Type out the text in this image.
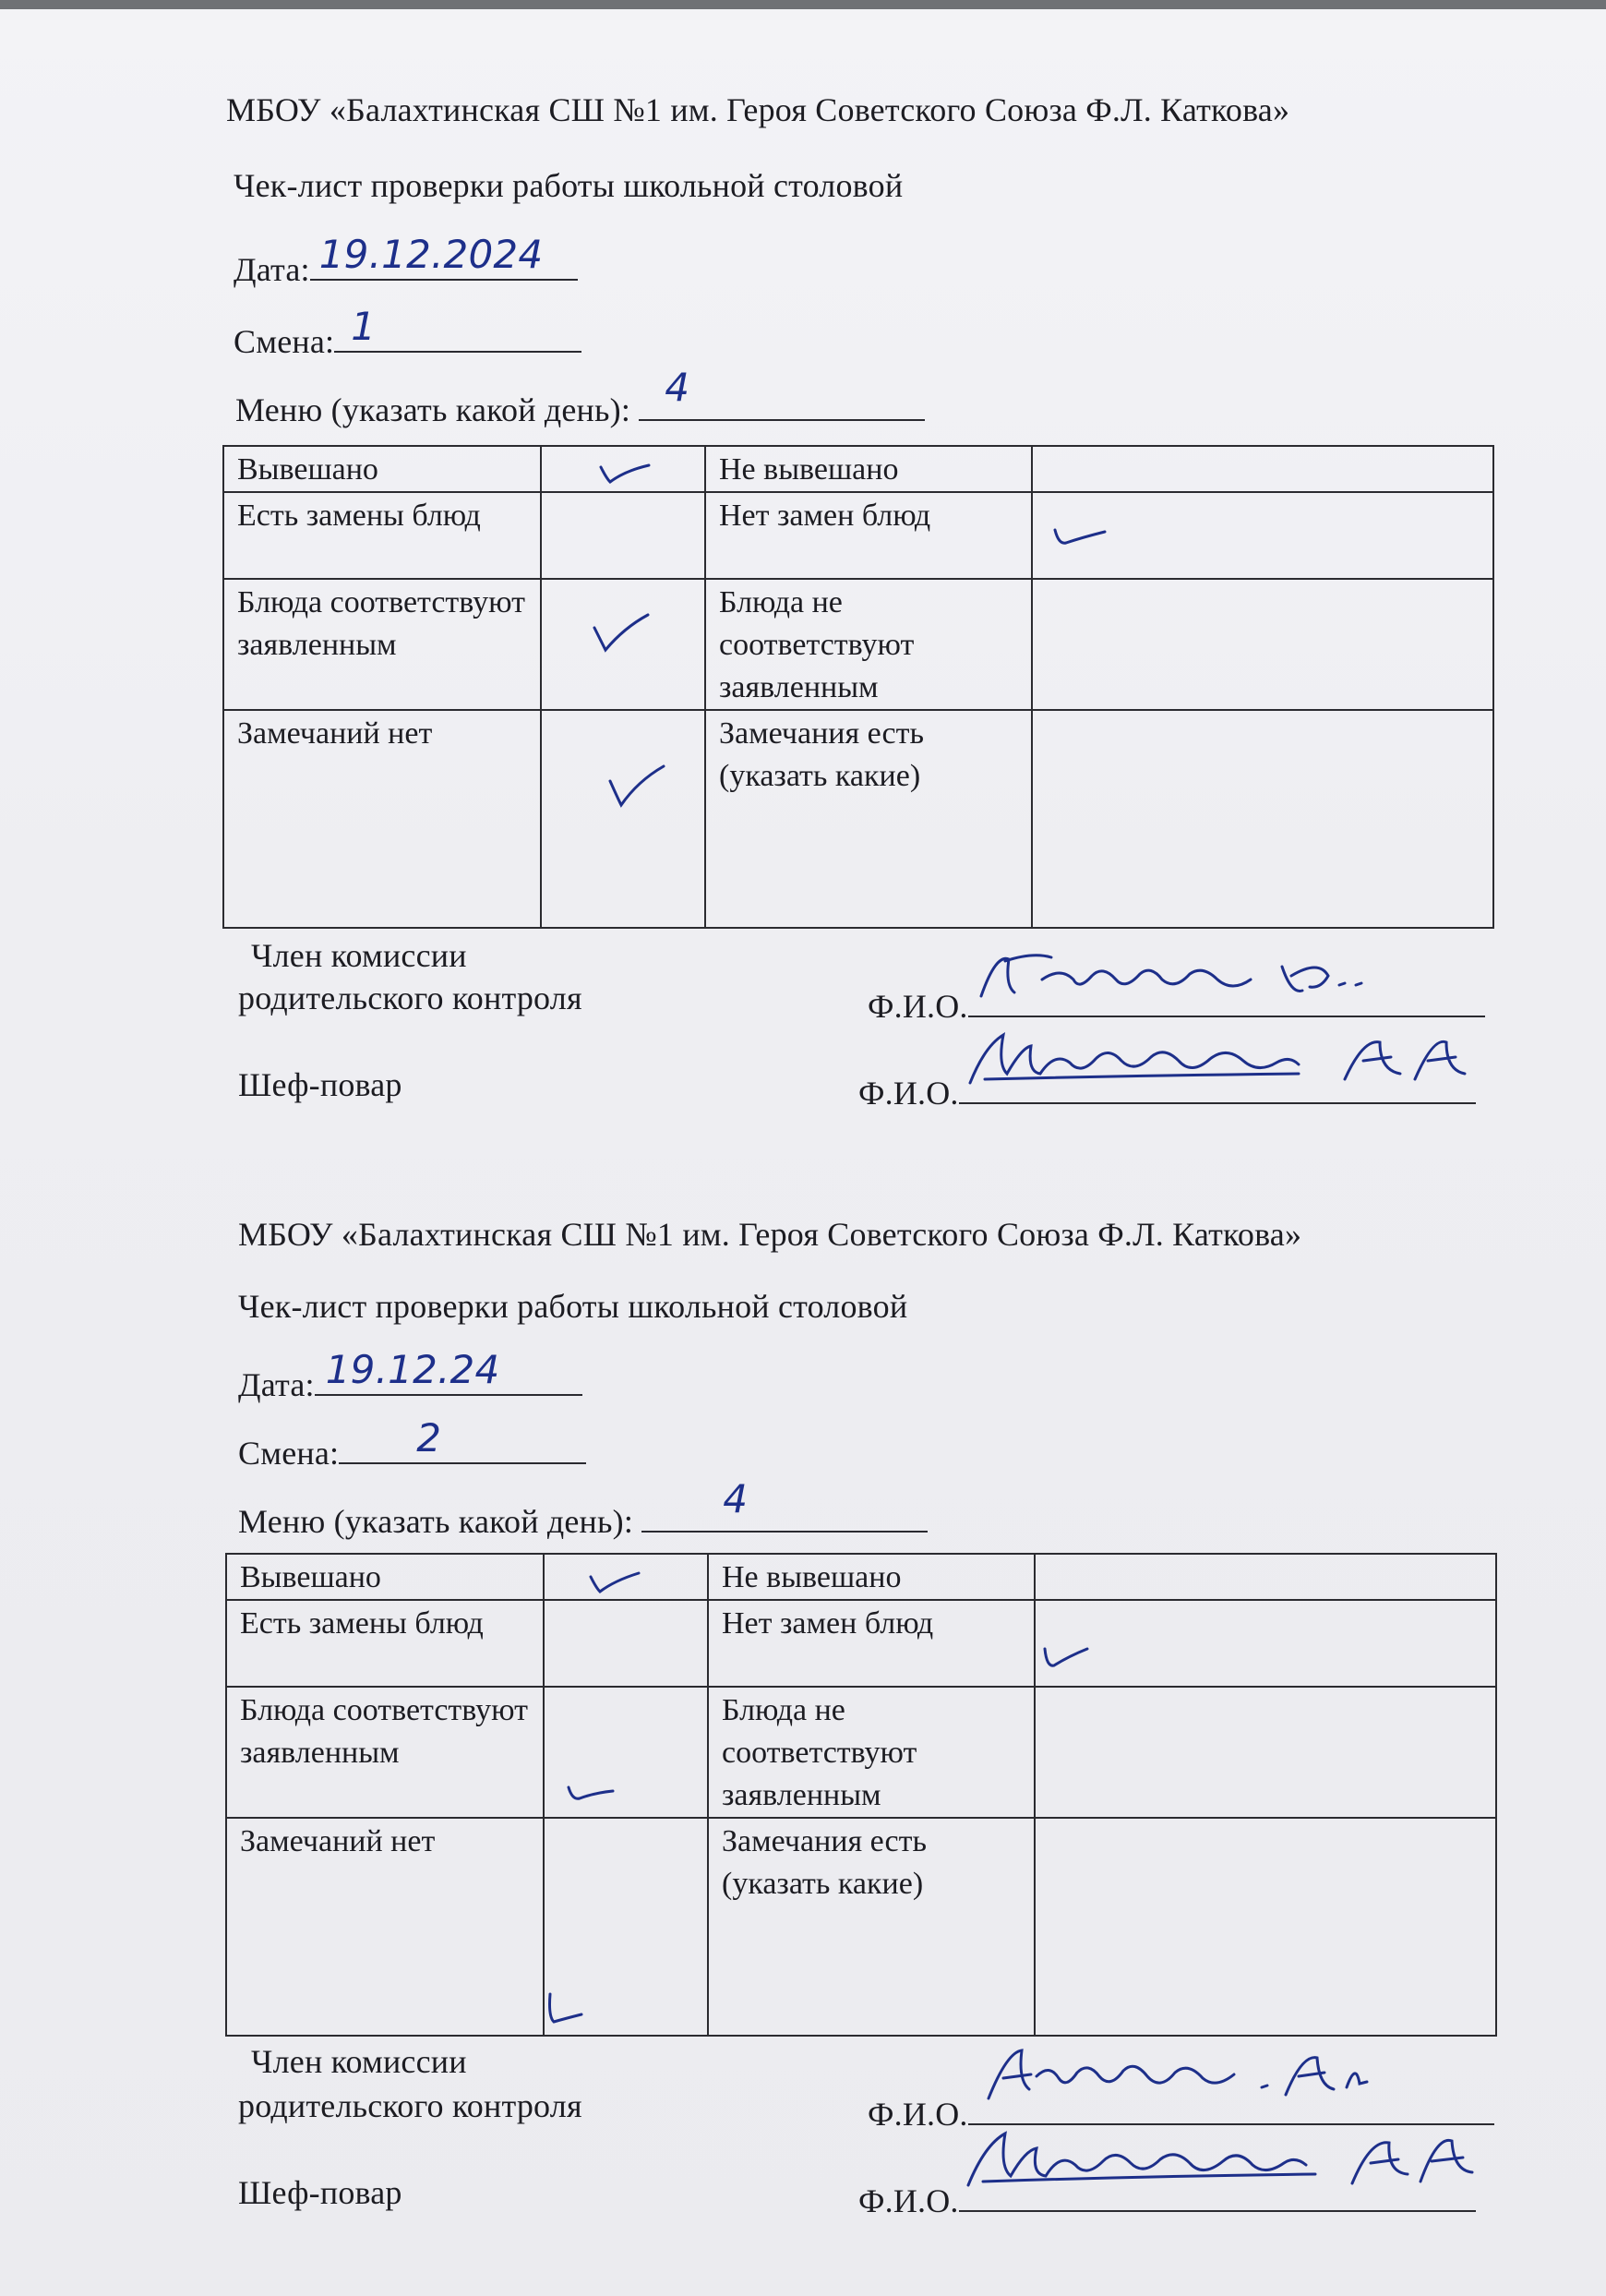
МБОУ «Балахтинская СШ №1 им. Героя Советского Союза Ф.Л. Каткова»
Чек-лист проверки работы школьной столовой
Дата: 19.12.2024
Смена: 1
Меню (указать какой день): 4
Вывешано		Не вывешано	
Есть замены блюд		Нет замен блюд	

Блюда соответствуют заявленным		Блюда не соответствуют заявленным	
Замечаний нет		Замечания есть (указать какие)	
Член комиссии
родительского контроля	Ф.И.О.
Шеф-повар	Ф.И.О.
МБОУ «Балахтинская СШ №1 им. Героя Советского Союза Ф.Л. Каткова»
Чек-лист проверки работы школьной столовой
Дата: 19.12.24
Смена: 2
Меню (указать какой день): 4
Вывешано		Не вывешано	
Есть замены блюд		Нет замен блюд	

Блюда соответствуют заявленным		Блюда не соответствуют заявленным	
Замечаний нет		Замечания есть (указать какие)	
Член комиссии
родительского контроля	Ф.И.О.
Шеф-повар	Ф.И.О.
